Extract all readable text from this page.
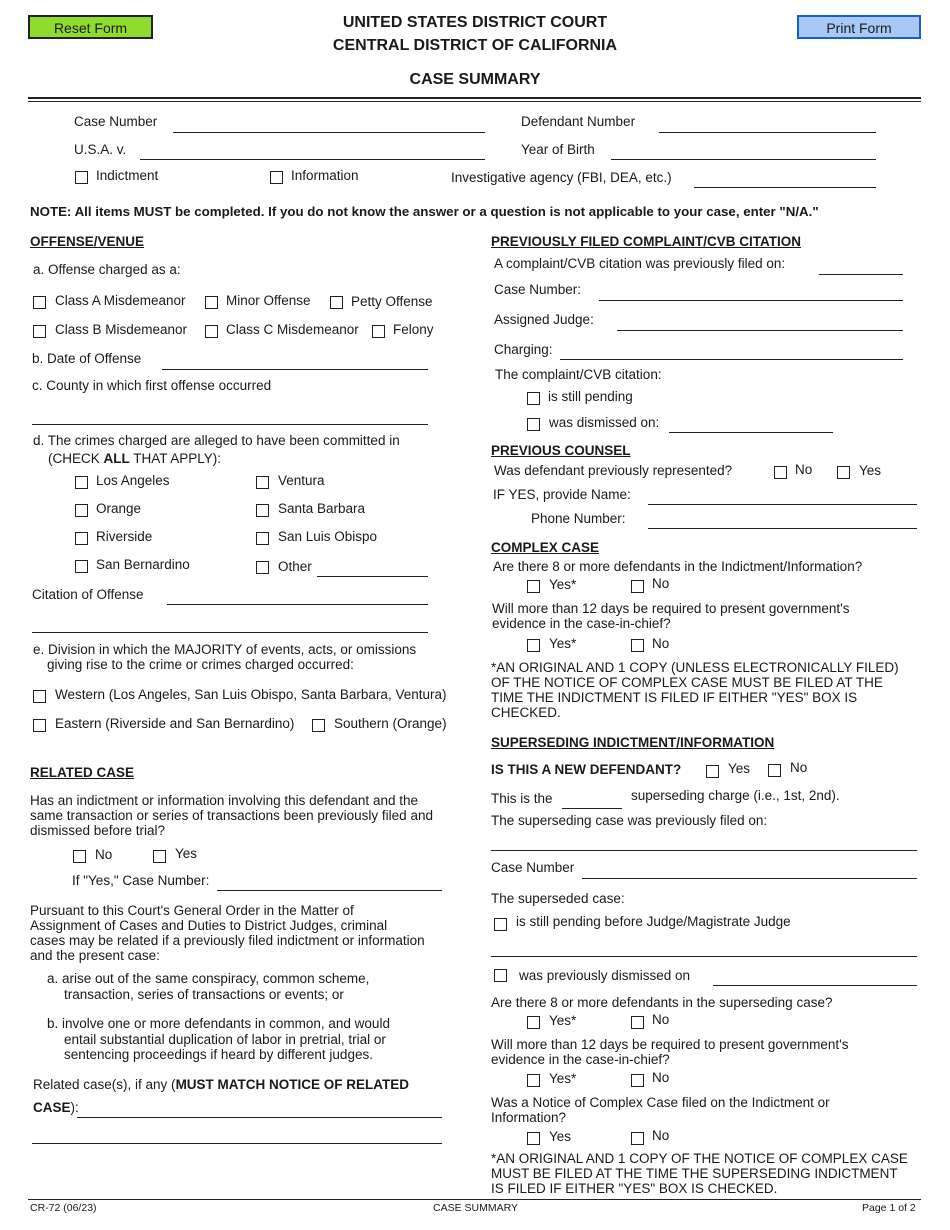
Reset Form	Print Form
UNITED STATES DISTRICT COURT
CENTRAL DISTRICT OF CALIFORNIA
CASE SUMMARY
Case Number
U.S.A. v.
Indictment	Information
Defendant Number
Year of Birth
Investigative agency (FBI, DEA, etc.)
NOTE: All items MUST be completed. If you do not know the answer or a question is not applicable to your case, enter "N/A."
OFFENSE/VENUE
a. Offense charged as a:
Class A Misdemeanor	Minor Offense	Petty Offense
Class B Misdemeanor	Class C Misdemeanor	Felony
b. Date of Offense
c. County in which first offense occurred
d. The crimes charged are alleged to have been committed in
(CHECK ALL THAT APPLY):
Los Angeles
Orange
Riverside
San Bernardino
Ventura
Santa Barbara
San Luis Obispo
Other
Citation of Offense
e. Division in which the MAJORITY of events, acts, or omissions
giving rise to the crime or crimes charged occurred:
Western (Los Angeles, San Luis Obispo, Santa Barbara, Ventura)
Eastern (Riverside and San Bernardino)	Southern (Orange)
RELATED CASE
Has an indictment or information involving this defendant and the same transaction or series of transactions been previously filed and dismissed before trial?
No	Yes
If "Yes," Case Number:
Pursuant to this Court's General Order in the Matter of Assignment of Cases and Duties to District Judges, criminal cases may be related if a previously filed indictment or information and the present case:
a. arise out of the same conspiracy, common scheme,
transaction, series of transactions or events; or
b. involve one or more defendants in common, and would
entail substantial duplication of labor in pretrial, trial or
sentencing proceedings if heard by different judges.
Related case(s), if any (MUST MATCH NOTICE OF RELATED
CASE):
PREVIOUSLY FILED COMPLAINT/CVB CITATION
A complaint/CVB citation was previously filed on:
Case Number:
Assigned Judge:
Charging:
The complaint/CVB citation:
is still pending
was dismissed on:
PREVIOUS COUNSEL
Was defendant previously represented?	No	Yes
IF YES, provide Name:
Phone Number:
COMPLEX CASE
Are there 8 or more defendants in the Indictment/Information?
Yes*	No
Will more than 12 days be required to present government's
evidence in the case-in-chief?
Yes*	No
*AN ORIGINAL AND 1 COPY (UNLESS ELECTRONICALLY FILED) OF THE NOTICE OF COMPLEX CASE MUST BE FILED AT THE TIME THE INDICTMENT IS FILED IF EITHER "YES" BOX IS CHECKED.
SUPERSEDING INDICTMENT/INFORMATION
IS THIS A NEW DEFENDANT?	Yes	No
This is the	superseding charge (i.e., 1st, 2nd).
The superseding case was previously filed on:
Case Number
The superseded case:
is still pending before Judge/Magistrate Judge
was previously dismissed on
Are there 8 or more defendants in the superseding case?
Yes*	No
Will more than 12 days be required to present government's
evidence in the case-in-chief?
Yes*	No
Was a Notice of Complex Case filed on the Indictment or
Information?
Yes	No
*AN ORIGINAL AND 1 COPY OF THE NOTICE OF COMPLEX CASE MUST BE FILED AT THE TIME THE SUPERSEDING INDICTMENT IS FILED IF EITHER "YES" BOX IS CHECKED.
CR-72 (06/23)	CASE SUMMARY	Page 1 of 2
